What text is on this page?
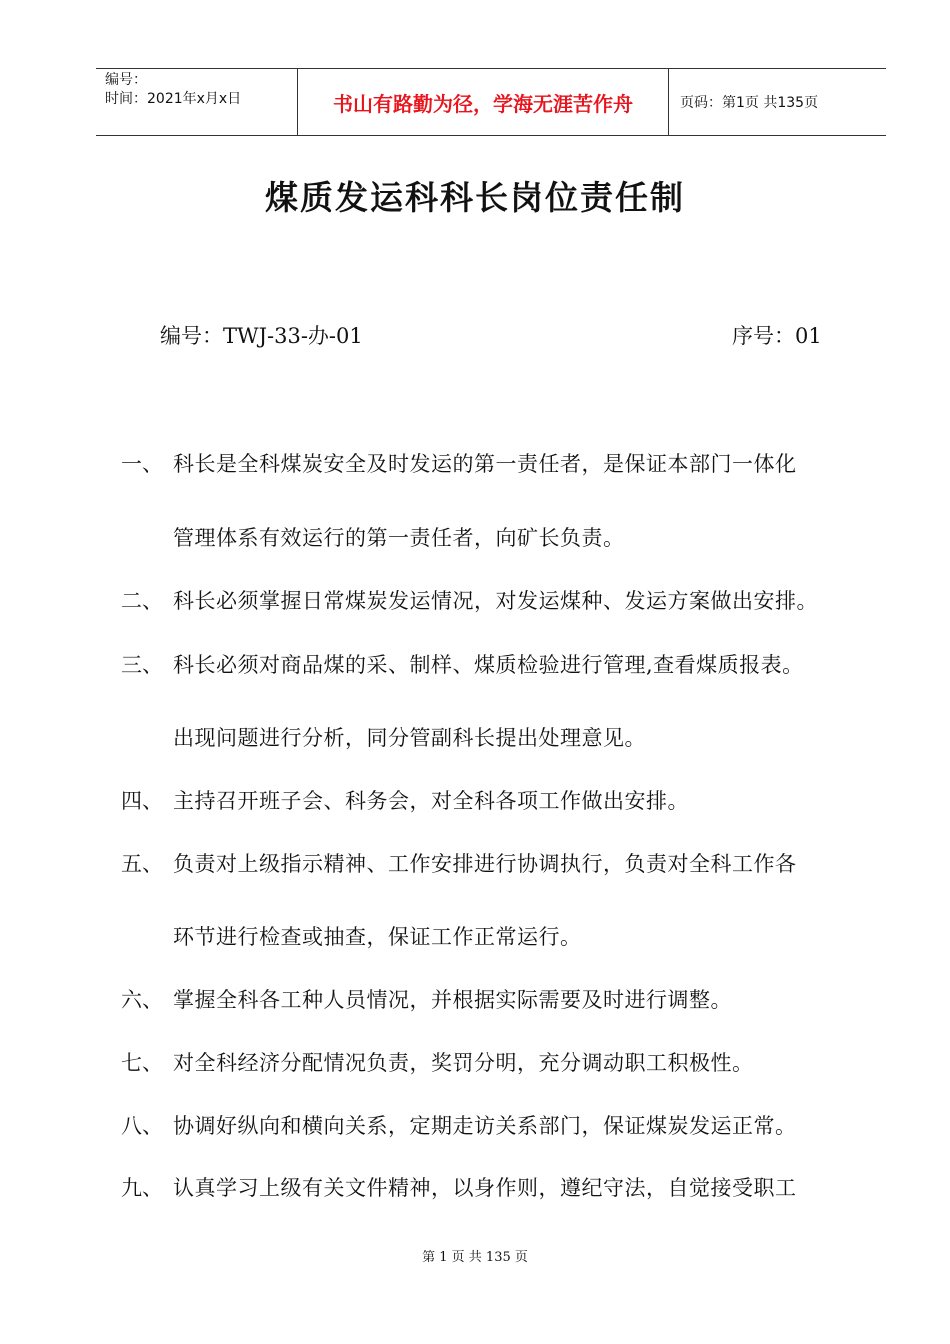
编号：
时间：2021年x月x日	书山有路勤为径，学海无涯苦作舟	页码：第1页 共135页
煤质发运科科长岗位责任制
编号：TWJ-33-办-01	序号：01
一、 科长是全科煤炭安全及时发运的第一责任者，是保证本部门一体化
管理体系有效运行的第一责任者，向矿长负责。
二、 科长必须掌握日常煤炭发运情况，对发运煤种、发运方案做出安排。
三、 科长必须对商品煤的采、制样、煤质检验进行管理,查看煤质报表。
出现问题进行分析，同分管副科长提出处理意见。
四、 主持召开班子会、科务会，对全科各项工作做出安排。
五、 负责对上级指示精神、工作安排进行协调执行，负责对全科工作各
环节进行检查或抽查，保证工作正常运行。
六、 掌握全科各工种人员情况，并根据实际需要及时进行调整。
七、 对全科经济分配情况负责，奖罚分明，充分调动职工积极性。
八、 协调好纵向和横向关系，定期走访关系部门，保证煤炭发运正常。
九、 认真学习上级有关文件精神，以身作则，遵纪守法，自觉接受职工
第 1 页 共 135 页
